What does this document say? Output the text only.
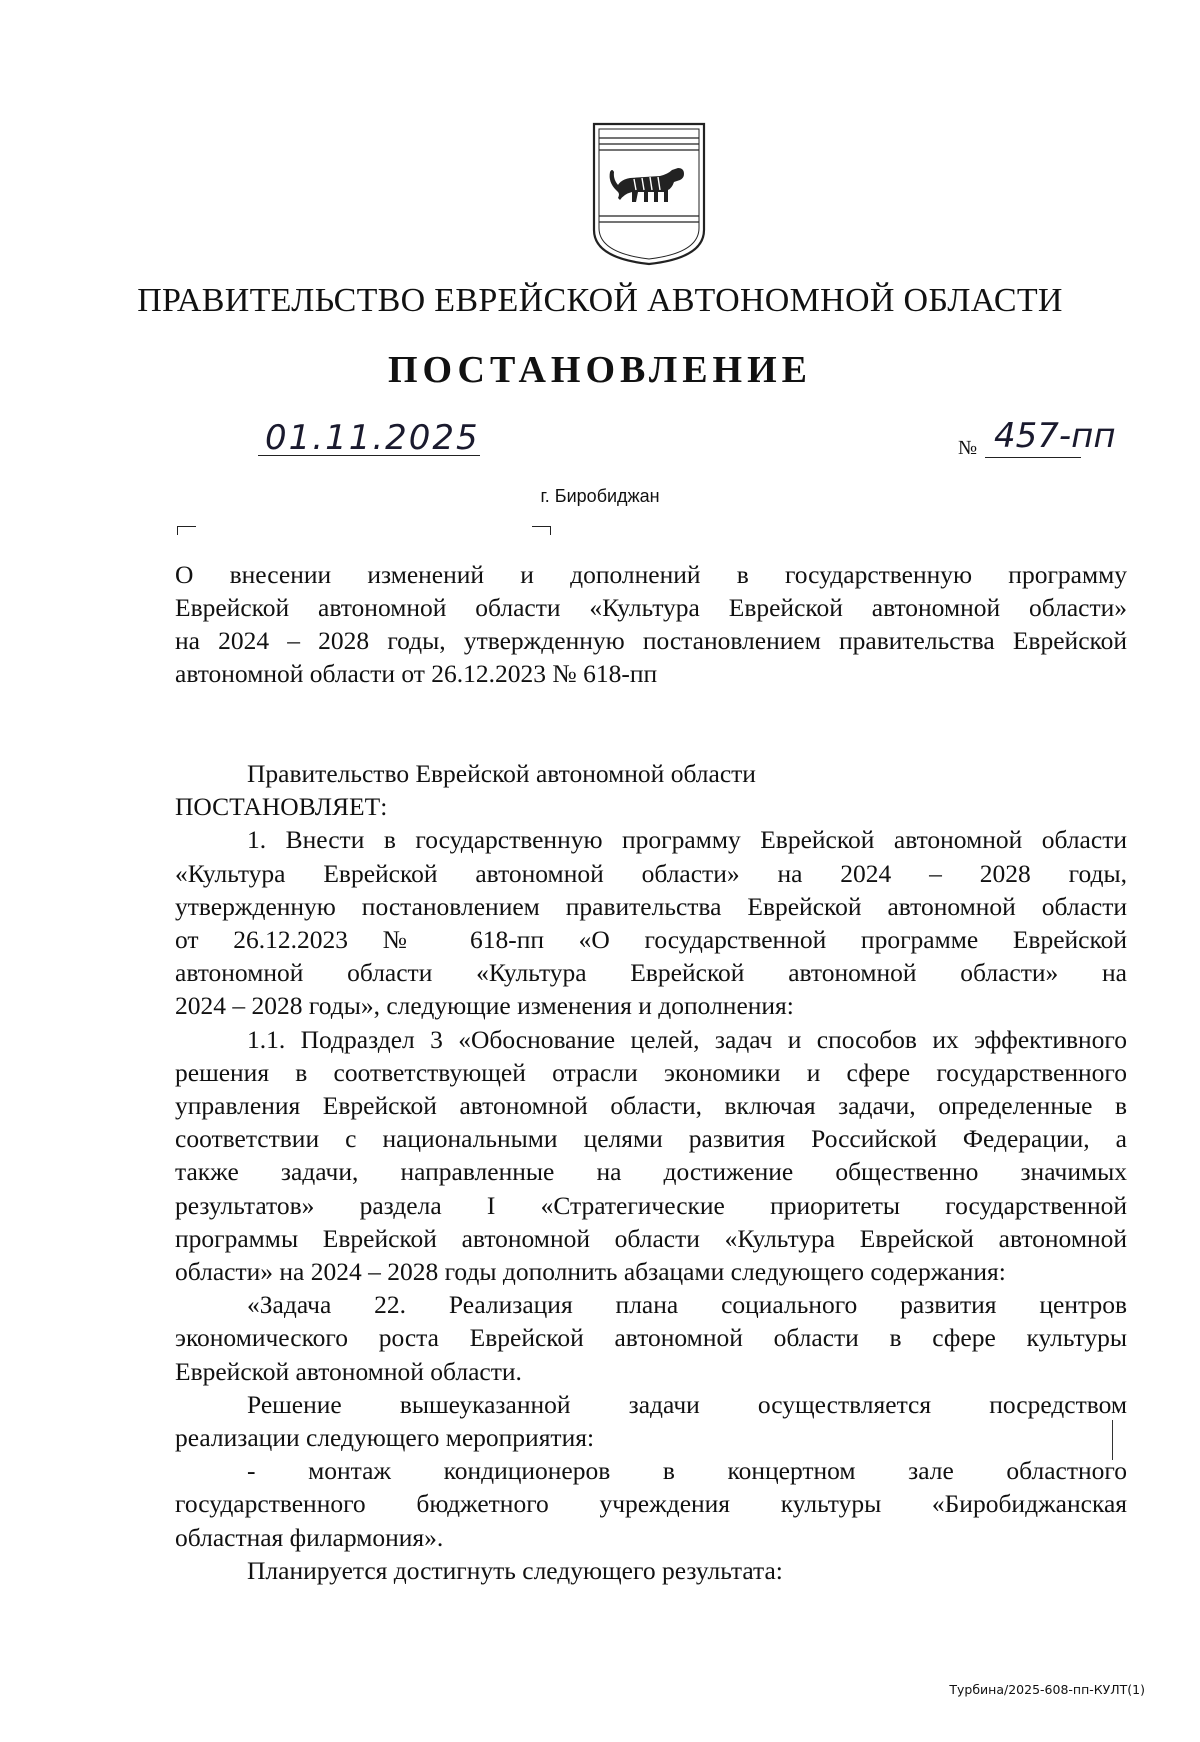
ПРАВИТЕЛЬСТВО ЕВРЕЙСКОЙ АВТОНОМНОЙ ОБЛАСТИ
ПОСТАНОВЛЕНИЕ
01.11.2025	№ 457-пп
г. Биробиджан
О внесении изменений и дополнений в государственную программу
Еврейской автономной области «Культура Еврейской автономной области»
на 2024 – 2028 годы, утвержденную постановлением правительства Еврейской
автономной области от 26.12.2023 № 618-пп
Правительство Еврейской автономной области
ПОСТАНОВЛЯЕТ:
1. Внести в государственную программу Еврейской автономной области
«Культура Еврейской автономной области» на 2024 – 2028 годы,
утвержденную постановлением правительства Еврейской автономной области
от 26.12.2023 № 618-пп «О государственной программе Еврейской
автономной области «Культура Еврейской автономной области» на
2024 – 2028 годы», следующие изменения и дополнения:
1.1. Подраздел 3 «Обоснование целей, задач и способов их эффективного
решения в соответствующей отрасли экономики и сфере государственного
управления Еврейской автономной области, включая задачи, определенные в
соответствии с национальными целями развития Российской Федерации, а
также задачи, направленные на достижение общественно значимых
результатов» раздела I «Стратегические приоритеты государственной
программы Еврейской автономной области «Культура Еврейской автономной
области» на 2024 – 2028 годы дополнить абзацами следующего содержания:
«Задача 22. Реализация плана социального развития центров
экономического роста Еврейской автономной области в сфере культуры
Еврейской автономной области.
Решение вышеуказанной задачи осуществляется посредством
реализации следующего мероприятия:
- монтаж кондиционеров в концертном зале областного
государственного бюджетного учреждения культуры «Биробиджанская
областная филармония».
Планируется достигнуть следующего результата:
Турбина/2025-608-пп-КУЛТ(1)
